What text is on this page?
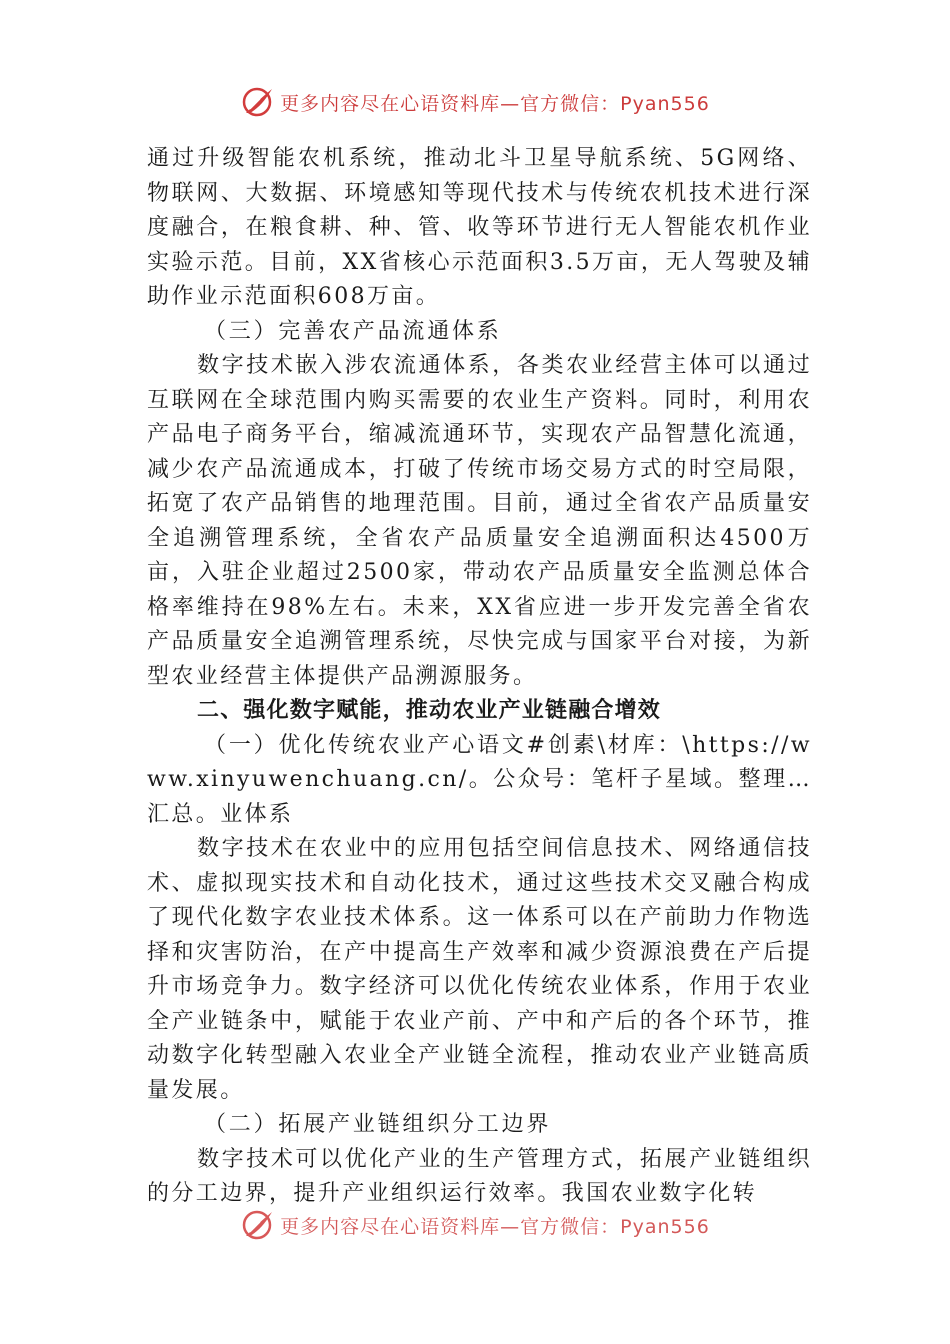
更多内容尽在心语资料库—官方微信：Pyan556

通过升级智能农机系统，推动北斗卫星导航系统、5G网络、物联网、大数据、环境感知等现代技术与传统农机技术进行深度融合，在粮食耕、种、管、收等环节进行无人智能农机作业实验示范。目前，XX省核心示范面积3.5万亩，无人驾驶及辅助作业示范面积608万亩。

（三）完善农产品流通体系

数字技术嵌入涉农流通体系，各类农业经营主体可以通过互联网在全球范围内购买需要的农业生产资料。同时，利用农产品电子商务平台，缩减流通环节，实现农产品智慧化流通，减少农产品流通成本，打破了传统市场交易方式的时空局限，拓宽了农产品销售的地理范围。目前，通过全省农产品质量安全追溯管理系统，全省农产品质量安全追溯面积达4500万亩，入驻企业超过2500家，带动农产品质量安全监测总体合格率维持在98%左右。未来，XX省应进一步开发完善全省农产品质量安全追溯管理系统，尽快完成与国家平台对接，为新型农业经营主体提供产品溯源服务。

二、强化数字赋能，推动农业产业链融合增效

（一）优化传统农业产心语文#创素\材库：\https://www.xinyuwenchuang.cn/。公众号：笔杆子星域。整理…汇总。业体系

数字技术在农业中的应用包括空间信息技术、网络通信技术、虚拟现实技术和自动化技术，通过这些技术交叉融合构成了现代化数字农业技术体系。这一体系可以在产前助力作物选择和灾害防治，在产中提高生产效率和减少资源浪费在产后提升市场竞争力。数字经济可以优化传统农业体系，作用于农业全产业链条中，赋能于农业产前、产中和产后的各个环节，推动数字化转型融入农业全产业链全流程，推动农业产业链高质量发展。

（二）拓展产业链组织分工边界

数字技术可以优化产业的生产管理方式，拓展产业链组织的分工边界，提升产业组织运行效率。我国农业数字化转

更多内容尽在心语资料库—官方微信：Pyan556
